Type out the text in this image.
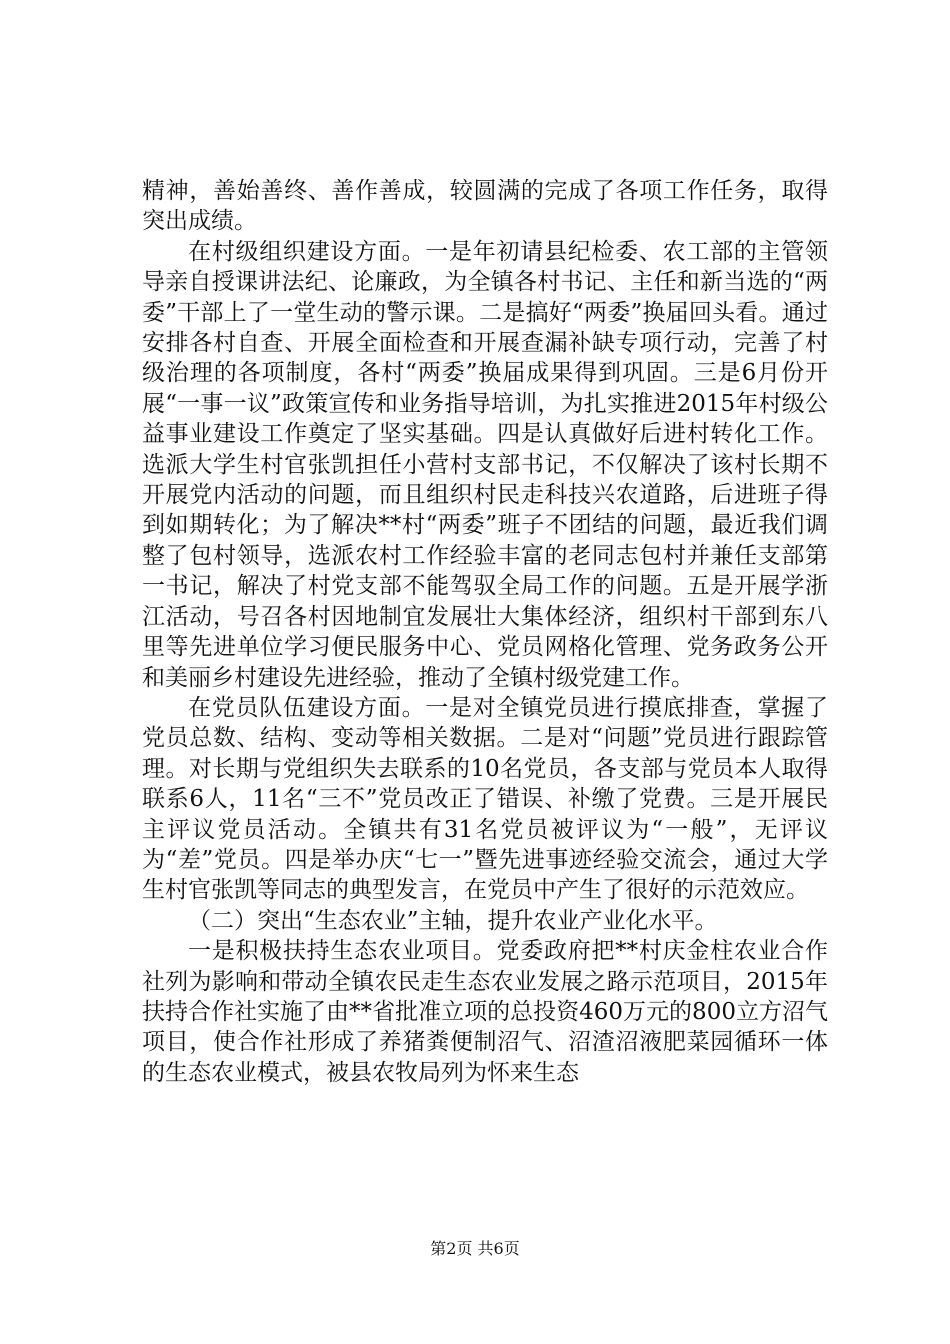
精神，善始善终、善作善成，较圆满的完成了各项工作任务，取得突出成绩。

在村级组织建设方面。一是年初请县纪检委、农工部的主管领导亲自授课讲法纪、论廉政，为全镇各村书记、主任和新当选的“两委”干部上了一堂生动的警示课。二是搞好“两委”换届回头看。通过安排各村自查、开展全面检查和开展查漏补缺专项行动，完善了村级治理的各项制度，各村“两委”换届成果得到巩固。三是6月份开展“一事一议”政策宣传和业务指导培训，为扎实推进2015年村级公益事业建设工作奠定了坚实基础。四是认真做好后进村转化工作。选派大学生村官张凯担任小营村支部书记，不仅解决了该村长期不开展党内活动的问题，而且组织村民走科技兴农道路，后进班子得到如期转化；为了解决**村“两委”班子不团结的问题，最近我们调整了包村领导，选派农村工作经验丰富的老同志包村并兼任支部第一书记，解决了村党支部不能驾驭全局工作的问题。五是开展学浙江活动，号召各村因地制宜发展壮大集体经济，组织村干部到东八里等先进单位学习便民服务中心、党员网格化管理、党务政务公开和美丽乡村建设先进经验，推动了全镇村级党建工作。

在党员队伍建设方面。一是对全镇党员进行摸底排查，掌握了党员总数、结构、变动等相关数据。二是对“问题”党员进行跟踪管理。对长期与党组织失去联系的10名党员，各支部与党员本人取得联系6人，11名“三不”党员改正了错误、补缴了党费。三是开展民主评议党员活动。全镇共有31名党员被评议为“一般”，无评议为“差”党员。四是举办庆“七一”暨先进事迹经验交流会，通过大学生村官张凯等同志的典型发言，在党员中产生了很好的示范效应。

（二）突出“生态农业”主轴，提升农业产业化水平。

一是积极扶持生态农业项目。党委政府把**村庆金柱农业合作社列为影响和带动全镇农民走生态农业发展之路示范项目，2015年扶持合作社实施了由**省批准立项的总投资460万元的800立方沼气项目，使合作社形成了养猪粪便制沼气、沼渣沼液肥菜园循环一体的生态农业模式，被县农牧局列为怀来生态

第2页 共6页
